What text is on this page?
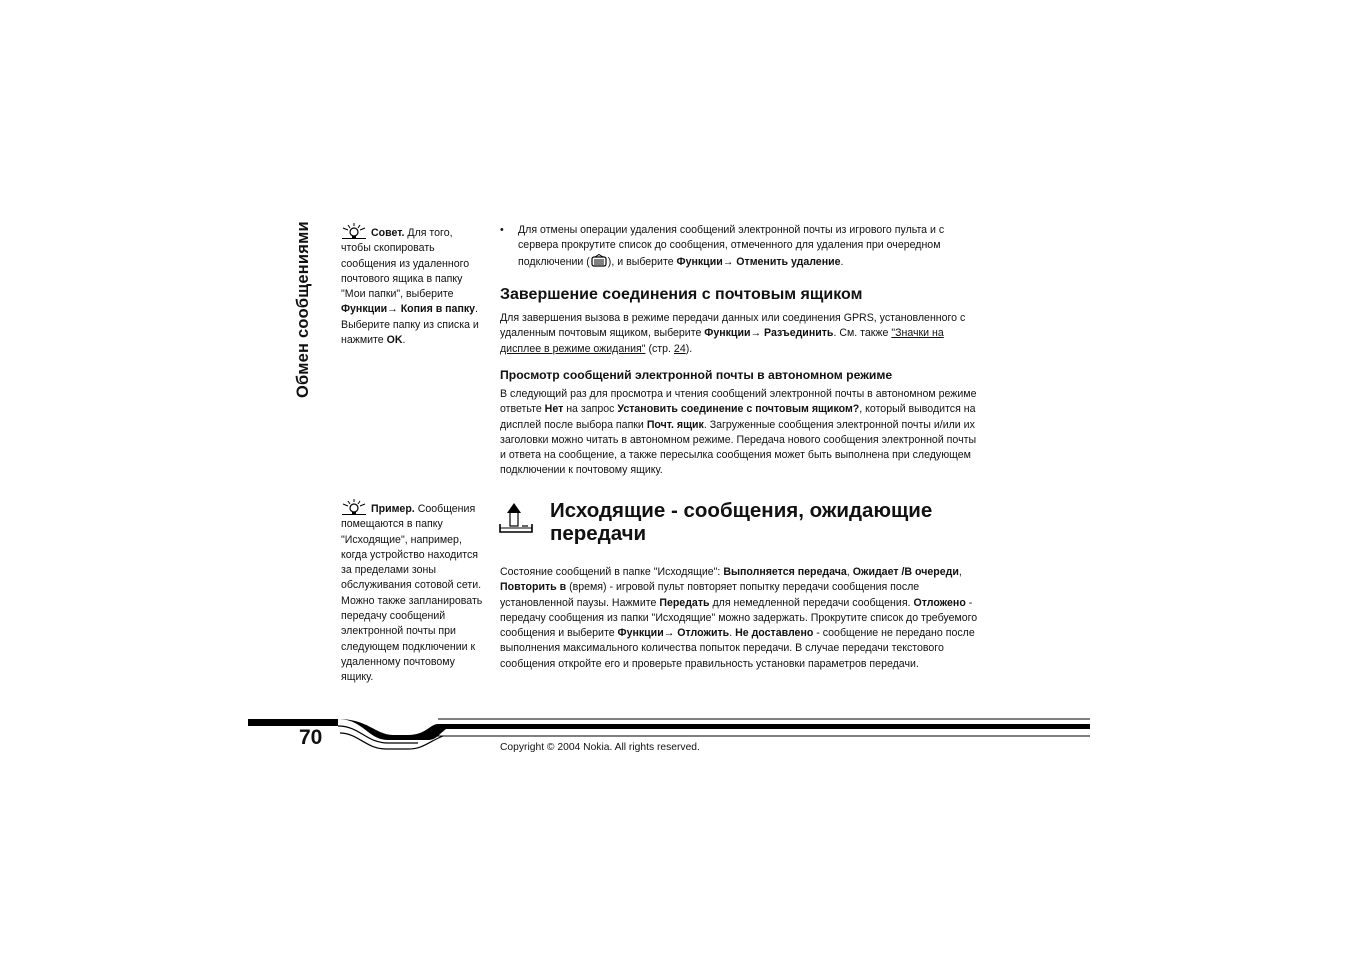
Обмен сообщениями	Совет. Для того, чтобы скопировать сообщения из удаленного почтового ящика в папку "Мои папки", выберите Функции→ Копия в папку. Выберите папку из списка и нажмите OK.
Пример. Сообщения помещаются в папку "Исходящие", например, когда устройство находится за пределами зоны обслуживания сотовой сети. Можно также запланировать передачу сообщений электронной почты при следующем подключении к удаленному почтовому ящику.
• Для отмены операции удаления сообщений электронной почты из игрового пульта и с сервера прокрутите список до сообщения, отмеченного для удаления при очередном подключении ( ), и выберите Функции→ Отменить удаление.
Завершение соединения с почтовым ящиком
Для завершения вызова в режиме передачи данных или соединения GPRS, установленного с удаленным почтовым ящиком, выберите Функции→ Разъединить. См. также "Значки на дисплее в режиме ожидания" (стр. 24).
Просмотр сообщений электронной почты в автономном режиме
В следующий раз для просмотра и чтения сообщений электронной почты в автономном режиме ответьте Нет на запрос Установить соединение с почтовым ящиком?, который выводится на дисплей после выбора папки Почт. ящик. Загруженные сообщения электронной почты и/или их заголовки можно читать в автономном режиме. Передача нового сообщения электронной почты и ответа на сообщение, а также пересылка сообщения может быть выполнена при следующем подключении к почтовому ящику.
Исходящие - сообщения, ожидающие передачи
Состояние сообщений в папке "Исходящие": Выполняется передача, Ожидает /В очереди, Повторить в (время) - игровой пульт повторяет попытку передачи сообщения после установленной паузы. Нажмите Передать для немедленной передачи сообщения. Отложено - передачу сообщения из папки "Исходящие" можно задержать. Прокрутите список до требуемого сообщения и выберите Функции→ Отложить. Не доставлено - сообщение не передано после выполнения максимального количества попыток передачи. В случае передачи текстового сообщения откройте его и проверьте правильность установки параметров передачи.
70	Copyright © 2004 Nokia. All rights reserved.
